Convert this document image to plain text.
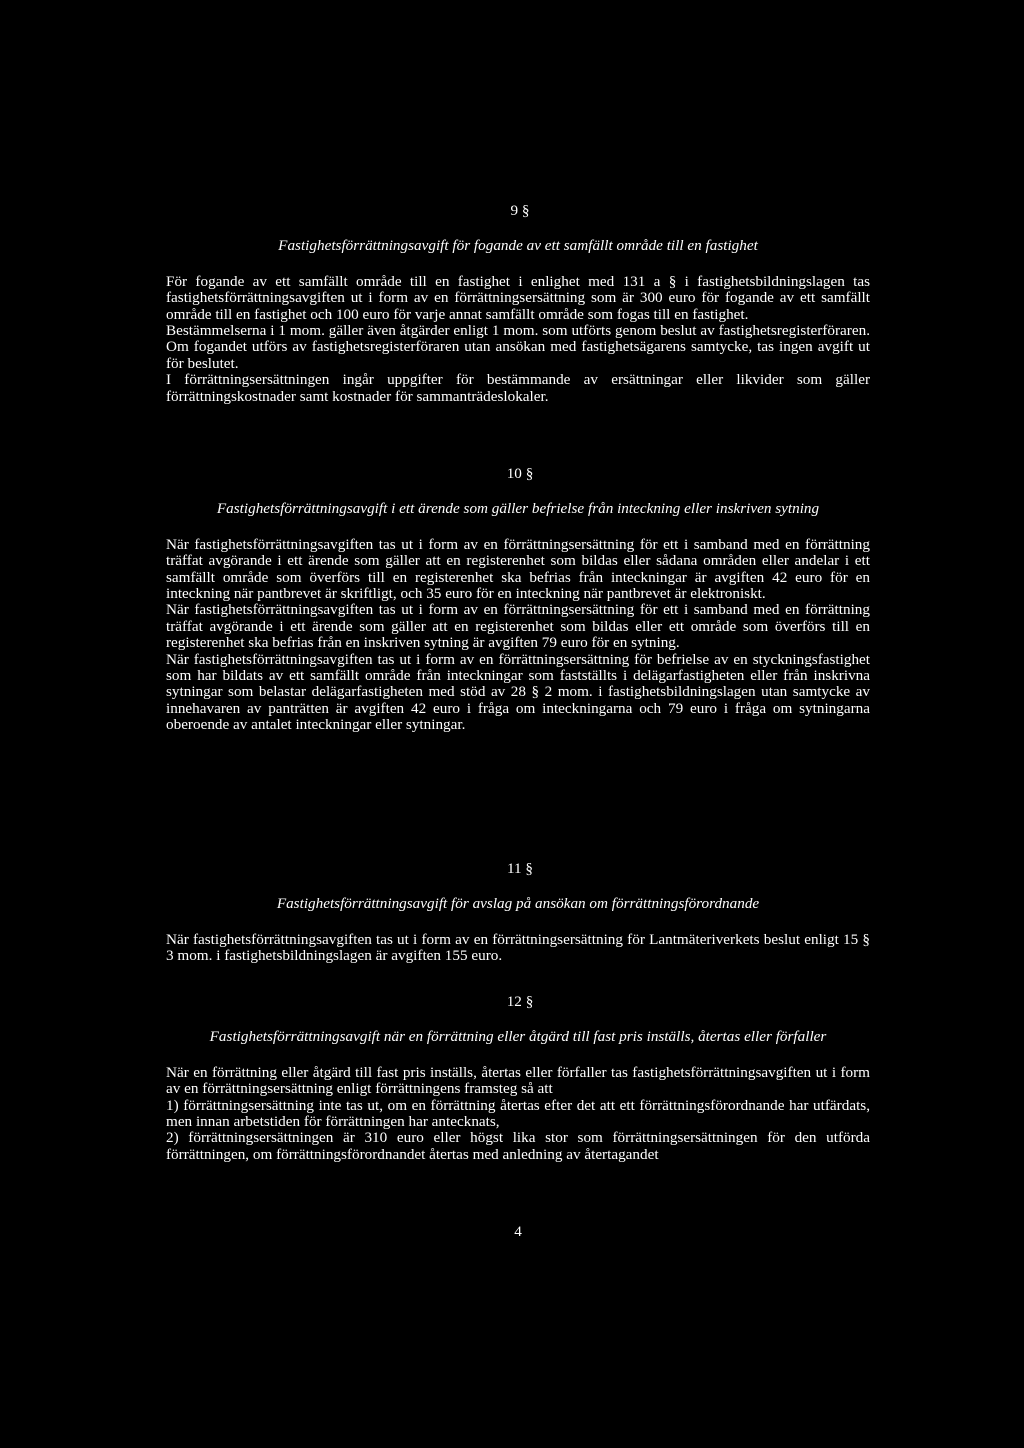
9 §

Fastighetsförrättningsavgift för fogande av ett samfällt område till en fastighet

För fogande av ett samfällt område till en fastighet i enlighet med 131 a § i fastighetsbildningslagen tas fastighetsförrättningsavgiften ut i form av en förrättningsersättning som är 300 euro för fogande av ett samfällt område till en fastighet och 100 euro för varje annat samfällt område som fogas till en fastighet.

Bestämmelserna i 1 mom. gäller även åtgärder enligt 1 mom. som utförts genom beslut av fastighetsregisterföraren. Om fogandet utförs av fastighetsregisterföraren utan ansökan med fastighetsägarens samtycke, tas ingen avgift ut för beslutet.

I förrättningsersättningen ingår uppgifter för bestämmande av ersättningar eller likvider som gäller förrättningskostnader samt kostnader för sammanträdeslokaler.

10 §

Fastighetsförrättningsavgift i ett ärende som gäller befrielse från inteckning eller inskriven sytning

När fastighetsförrättningsavgiften tas ut i form av en förrättningsersättning för ett i samband med en förrättning träffat avgörande i ett ärende som gäller att en registerenhet som bildas eller sådana områden eller andelar i ett samfällt område som överförs till en registerenhet ska befrias från inteckningar är avgiften 42 euro för en inteckning när pantbrevet är skriftligt, och 35 euro för en inteckning när pantbrevet är elektroniskt.

När fastighetsförrättningsavgiften tas ut i form av en förrättningsersättning för ett i samband med en förrättning träffat avgörande i ett ärende som gäller att en registerenhet som bildas eller ett område som överförs till en registerenhet ska befrias från en inskriven sytning är avgiften 79 euro för en sytning.

När fastighetsförrättningsavgiften tas ut i form av en förrättningsersättning för befrielse av en styckningsfastighet som har bildats av ett samfällt område från inteckningar som fastställts i delägarfastigheten eller från inskrivna sytningar som belastar delägarfastigheten med stöd av 28 § 2 mom. i fastighetsbildningslagen utan samtycke av innehavaren av panträtten är avgiften 42 euro i fråga om inteckningarna och 79 euro i fråga om sytningarna oberoende av antalet inteckningar eller sytningar.

11 §

Fastighetsförrättningsavgift för avslag på ansökan om förrättningsförordnande

När fastighetsförrättningsavgiften tas ut i form av en förrättningsersättning för Lantmäteriverkets beslut enligt 15 § 3 mom. i fastighetsbildningslagen är avgiften 155 euro.

12 §

Fastighetsförrättningsavgift när en förrättning eller åtgärd till fast pris inställs, återtas eller förfaller

När en förrättning eller åtgärd till fast pris inställs, återtas eller förfaller tas fastighetsförrättningsavgiften ut i form av en förrättningsersättning enligt förrättningens framsteg så att

1) förrättningsersättning inte tas ut, om en förrättning återtas efter det att ett förrättningsförordnande har utfärdats, men innan arbetstiden för förrättningen har antecknats,

2) förrättningsersättningen är 310 euro eller högst lika stor som förrättningsersättningen för den utförda förrättningen, om förrättningsförordnandet återtas med anledning av återtagandet

4
